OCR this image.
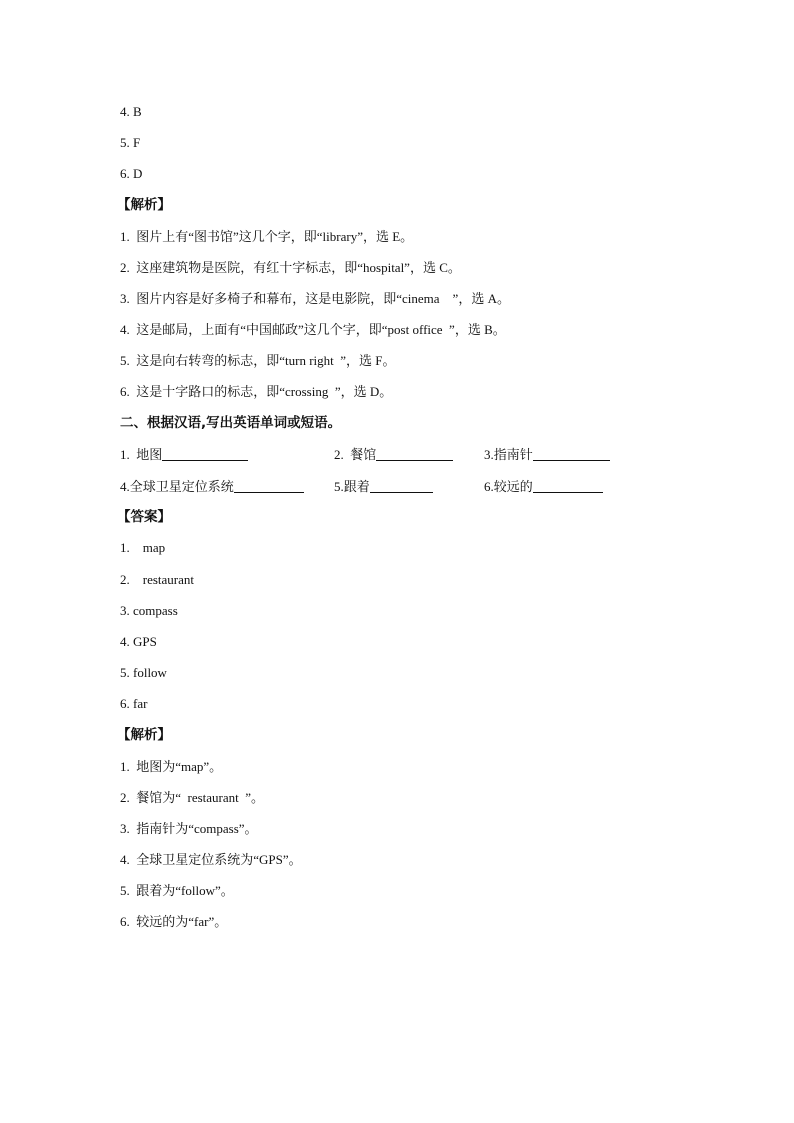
4. B
5. F
6. D
【解析】
1.  图片上有“图书馆”这几个字，即“library”，选 E。
2.  这座建筑物是医院，有红十字标志，即“hospital”，选 C。
3.  图片内容是好多椅子和幕布，这是电影院，即“cinema    ”，选 A。
4.  这是邮局，上面有“中国邮政”这几个字，即“post office  ”，选 B。
5.  这是向右转弯的标志，即“turn right  ”，选 F。
6.  这是十字路口的标志，即“crossing  ”，选 D。
二、根据汉语,写出英语单词或短语。
1.  地图	2.  餐馆	3.指南针
4.全球卫星定位系统	5.跟着	6.较远的
【答案】
1.    map
2.    restaurant
3. compass
4. GPS
5. follow
6. far
【解析】
1.  地图为“map”。
2.  餐馆为“  restaurant  ”。
3.  指南针为“compass”。
4.  全球卫星定位系统为“GPS”。
5.  跟着为“follow”。
6.  较远的为“far”。
